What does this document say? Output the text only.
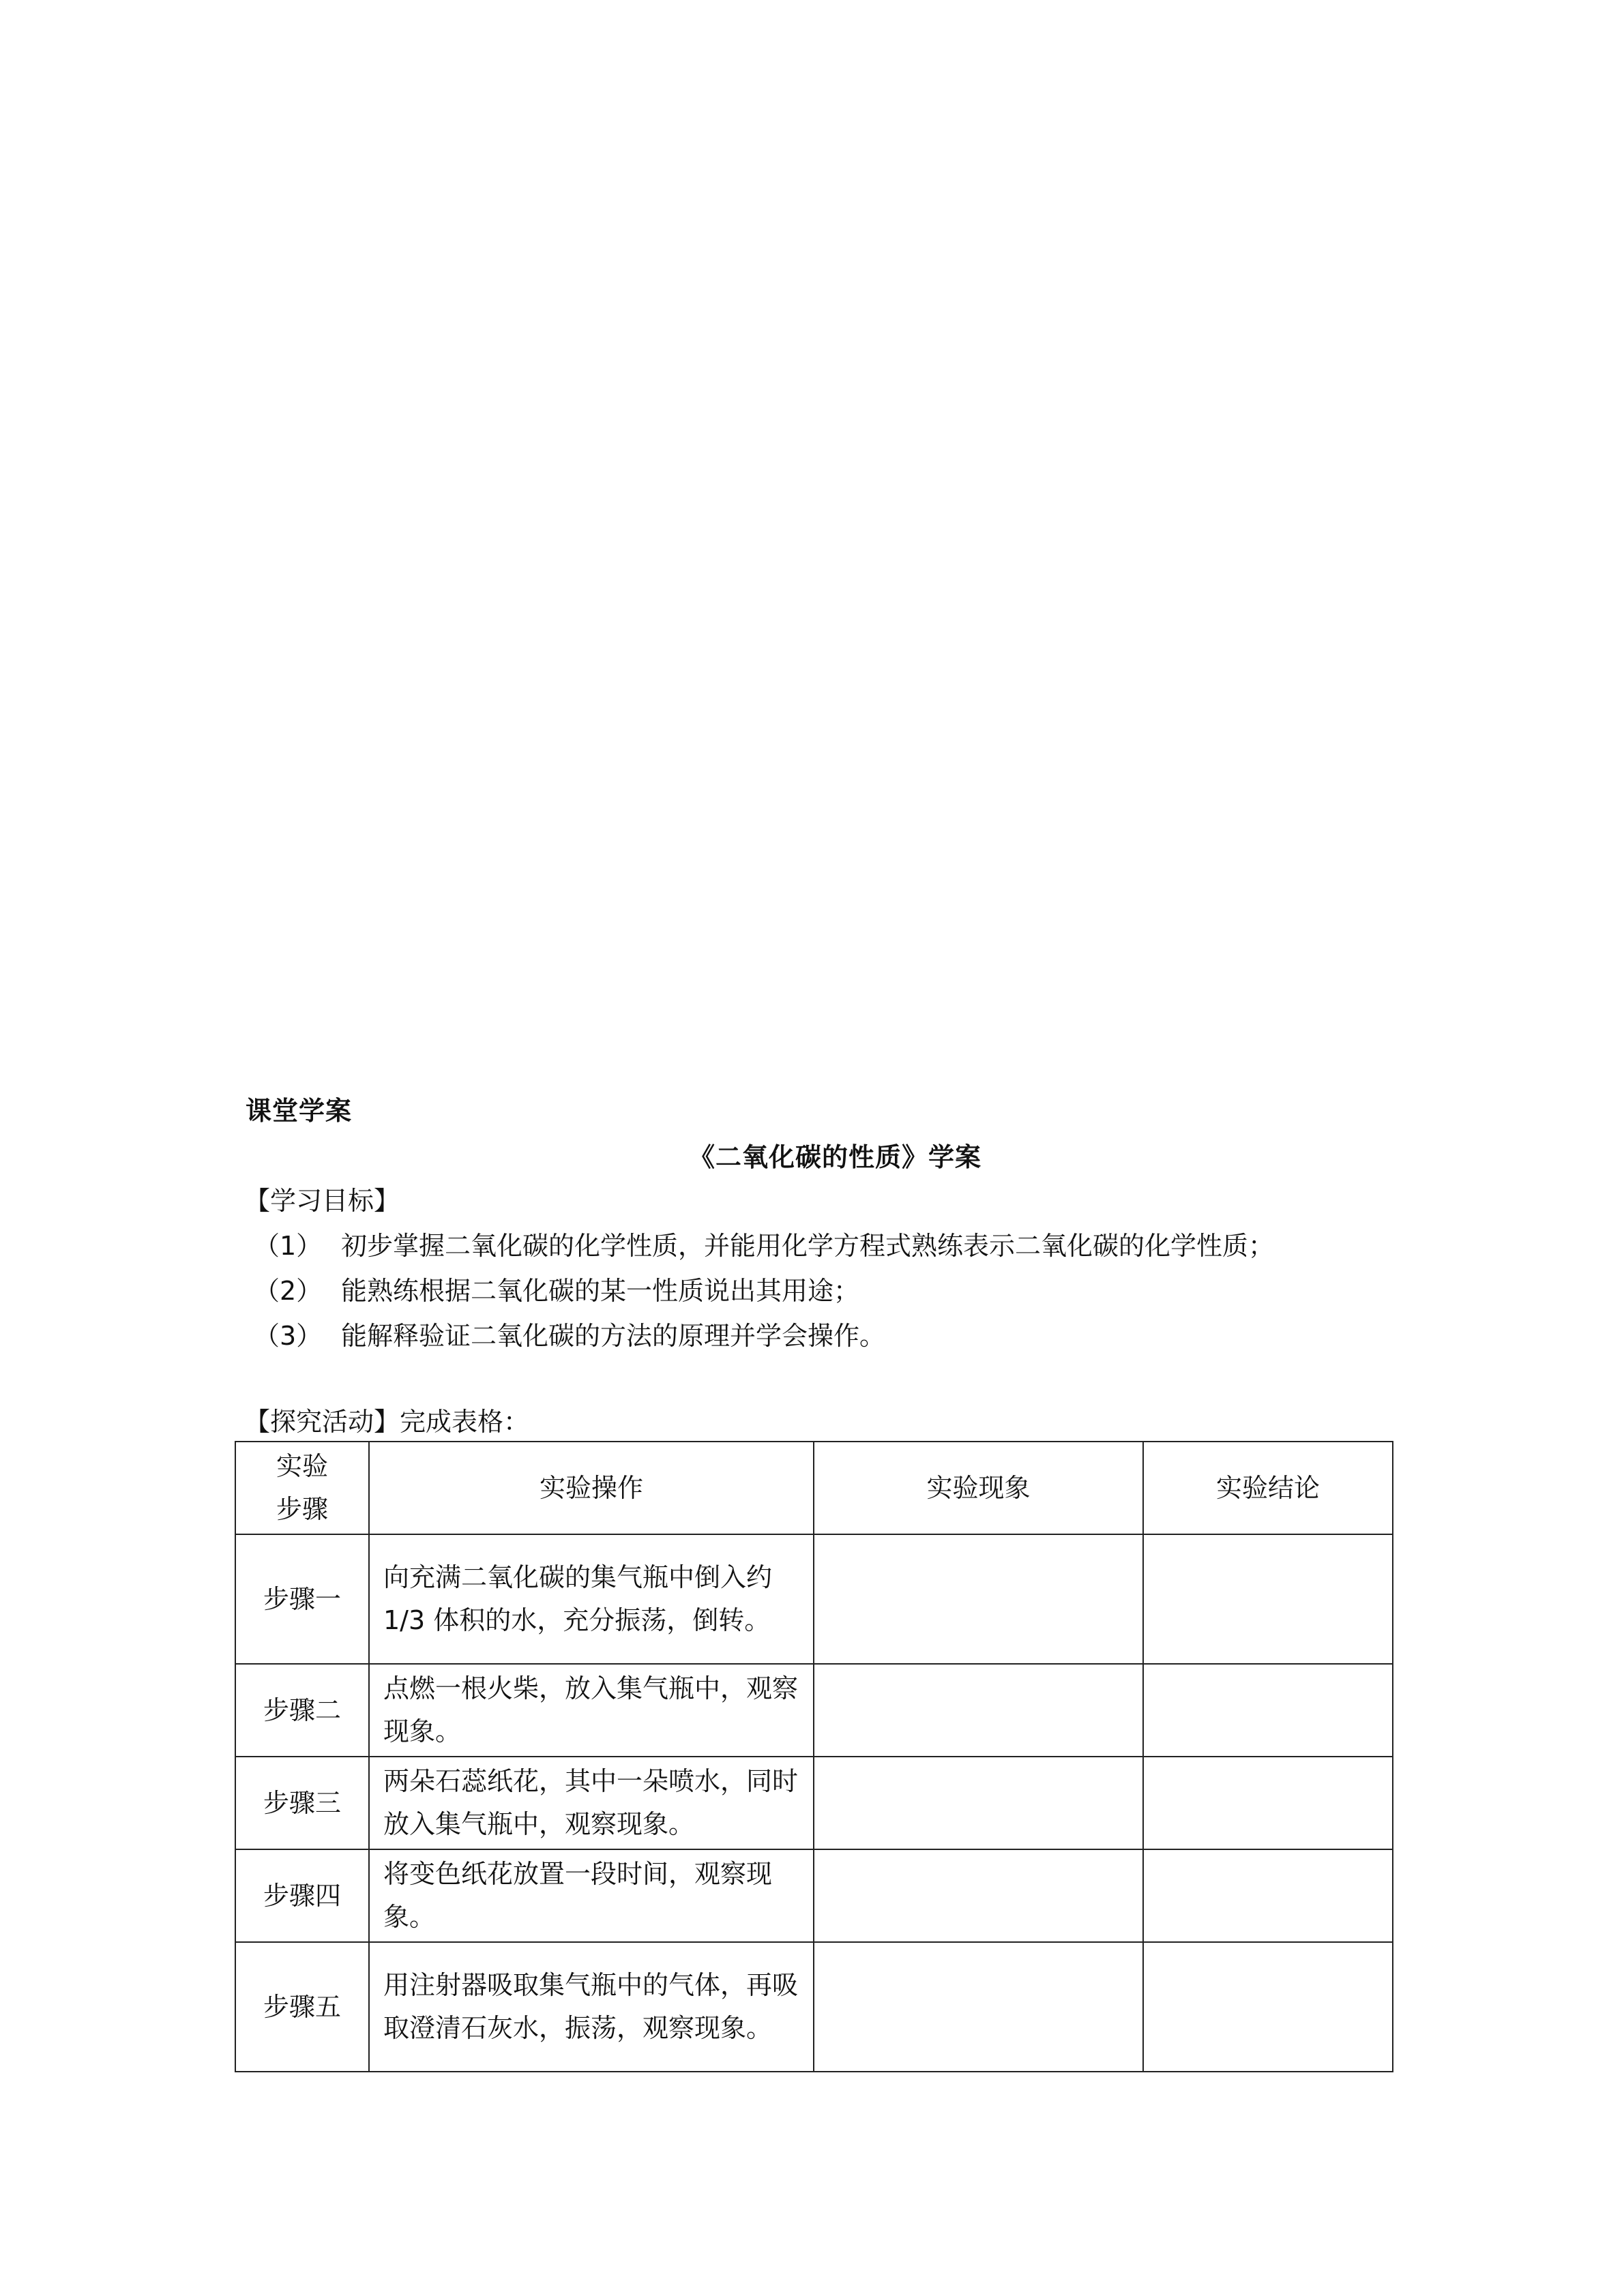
课堂学案
《二氧化碳的性质》学案
【学习目标】
（1） 初步掌握二氧化碳的化学性质，并能用化学方程式熟练表示二氧化碳的化学性质；
（2） 能熟练根据二氧化碳的某一性质说出其用途；
（3） 能解释验证二氧化碳的方法的原理并学会操作。
【探究活动】完成表格：
实验
步骤	实验操作	实验现象	实验结论
步骤一	向充满二氧化碳的集气瓶中倒入约 1/3 体积的水，充分振荡，倒转。		
步骤二	点燃一根火柴，放入集气瓶中，观察现象。		
步骤三	两朵石蕊纸花，其中一朵喷水，同时放入集气瓶中，观察现象。		
步骤四	将变色纸花放置一段时间，观察现象。		
步骤五	用注射器吸取集气瓶中的气体，再吸取澄清石灰水，振荡，观察现象。		
